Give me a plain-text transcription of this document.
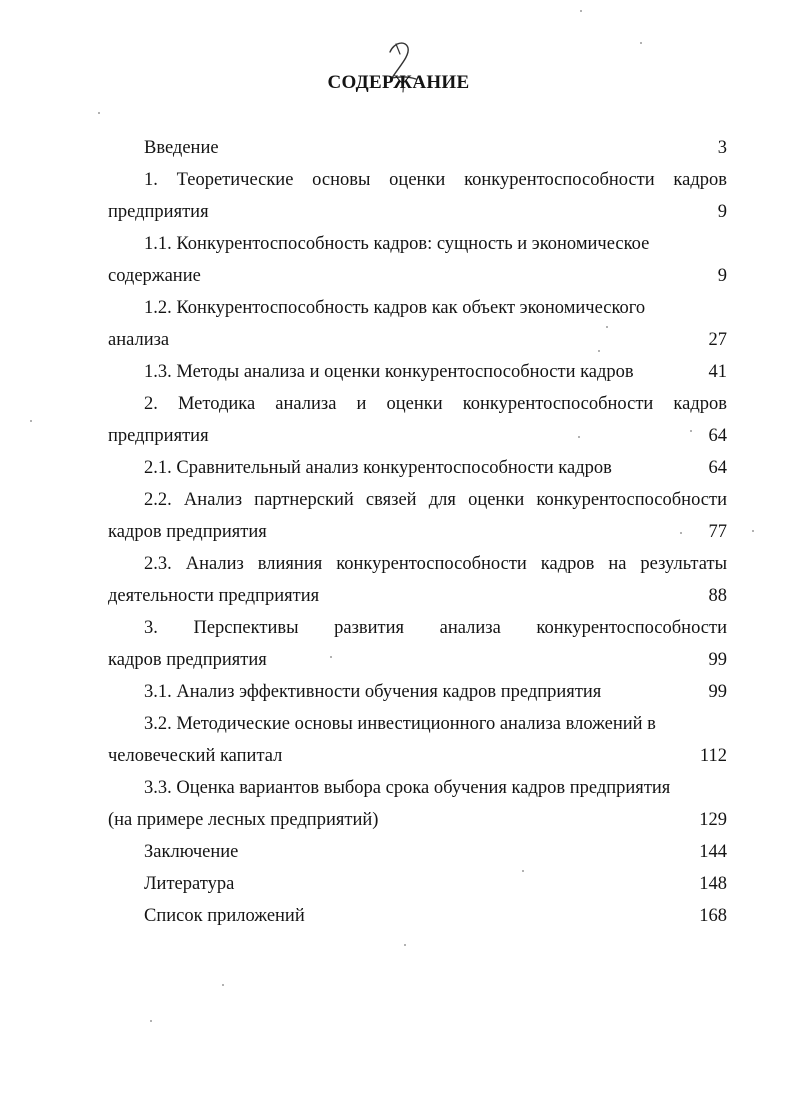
СОДЕРЖАНИЕ
Введение	3
1. Теоретические основы оценки конкурентоспособности кадров
предприятия	9
1.1. Конкурентоспособность кадров: сущность и экономическое
содержание	9
1.2. Конкурентоспособность кадров как объект экономического
анализа	27
1.3. Методы анализа и оценки конкурентоспособности кадров	41
2. Методика анализа и оценки конкурентоспособности кадров
предприятия	64
2.1. Сравнительный анализ конкурентоспособности кадров	64
2.2. Анализ партнерский связей для оценки конкурентоспособности
кадров предприятия	77
2.3. Анализ влияния конкурентоспособности кадров на результаты
деятельности предприятия	88
3. Перспективы развития анализа конкурентоспособности
кадров предприятия	99
3.1. Анализ эффективности обучения кадров предприятия	99
3.2. Методические основы инвестиционного анализа вложений в
человеческий капитал	112
3.3. Оценка вариантов выбора срока обучения кадров предприятия
(на примере лесных предприятий)	129
Заключение	144
Литература	148
Список приложений	168
